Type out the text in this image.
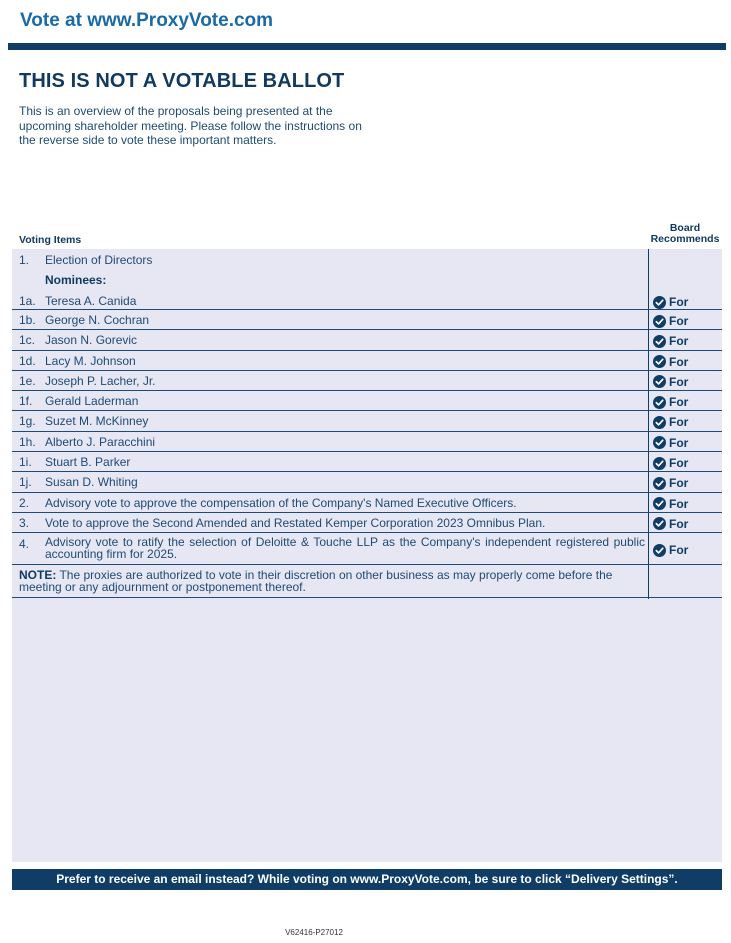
Vote at www.ProxyVote.com
THIS IS NOT A VOTABLE BALLOT

This is an overview of the proposals being presented at the upcoming shareholder meeting. Please follow the instructions on the reverse side to vote these important matters.

Voting Items
Board
Recommends
1. Election of Directors
Nominees:
1a. Teresa A. Canida	For
1b. George N. Cochran	For
1c. Jason N. Gorevic	For
1d. Lacy M. Johnson	For
1e. Joseph P. Lacher, Jr.	For
1f. Gerald Laderman	For
1g. Suzet M. McKinney	For
1h. Alberto J. Paracchini	For
1i. Stuart B. Parker	For
1j. Susan D. Whiting	For
2. Advisory vote to approve the compensation of the Company's Named Executive Officers.	For
3. Vote to approve the Second Amended and Restated Kemper Corporation 2023 Omnibus Plan.	For
4. Advisory vote to ratify the selection of Deloitte & Touche LLP as the Company's independent registered public accounting firm for 2025.	For
NOTE: The proxies are authorized to vote in their discretion on other business as may properly come before the meeting or any adjournment or postponement thereof.
Prefer to receive an email instead? While voting on www.ProxyVote.com, be sure to click “Delivery Settings”.
V62416-P27012
